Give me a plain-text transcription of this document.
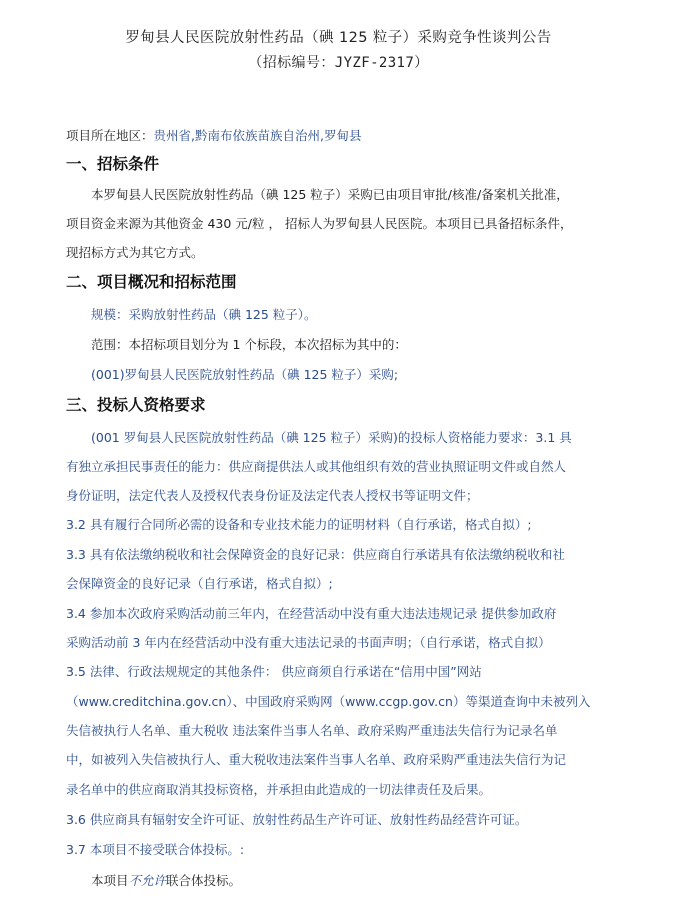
罗甸县人民医院放射性药品（碘 125 粒子）采购竞争性谈判公告
（招标编号：JYZF-2317）
项目所在地区：贵州省,黔南布依族苗族自治州,罗甸县
一、招标条件
本罗甸县人民医院放射性药品（碘 125 粒子）采购已由项目审批/核准/备案机关批准，
项目资金来源为其他资金 430 元/粒 ， 招标人为罗甸县人民医院。本项目已具备招标条件，
现招标方式为其它方式。
二、项目概况和招标范围
规模：采购放射性药品（碘 125 粒子）。
范围：本招标项目划分为 1 个标段，本次招标为其中的：
(001)罗甸县人民医院放射性药品（碘 125 粒子）采购;
三、投标人资格要求
(001 罗甸县人民医院放射性药品（碘 125 粒子）采购)的投标人资格能力要求：3.1 具
有独立承担民事责任的能力：供应商提供法人或其他组织有效的营业执照证明文件或自然人
身份证明，法定代表人及授权代表身份证及法定代表人授权书等证明文件；
3.2 具有履行合同所必需的设备和专业技术能力的证明材料（自行承诺，格式自拟）;
3.3 具有依法缴纳税收和社会保障资金的良好记录：供应商自行承诺具有依法缴纳税收和社
会保障资金的良好记录（自行承诺，格式自拟）;
3.4 参加本次政府采购活动前三年内，在经营活动中没有重大违法违规记录 提供参加政府
采购活动前 3 年内在经营活动中没有重大违法记录的书面声明；（自行承诺，格式自拟）
3.5 法律、行政法规规定的其他条件： 供应商须自行承诺在“信用中国”网站
（www.creditchina.gov.cn）、中国政府采购网（www.ccgp.gov.cn）等渠道查询中未被列入
失信被执行人名单、重大税收 违法案件当事人名单、政府采购严重违法失信行为记录名单
中，如被列入失信被执行人、重大税收违法案件当事人名单、政府采购严重违法失信行为记
录名单中的供应商取消其投标资格，并承担由此造成的一切法律责任及后果。
3.6 供应商具有辐射安全许可证、放射性药品生产许可证、放射性药品经营许可证。
3.7 本项目不接受联合体投标。:
本项目不允许联合体投标。
